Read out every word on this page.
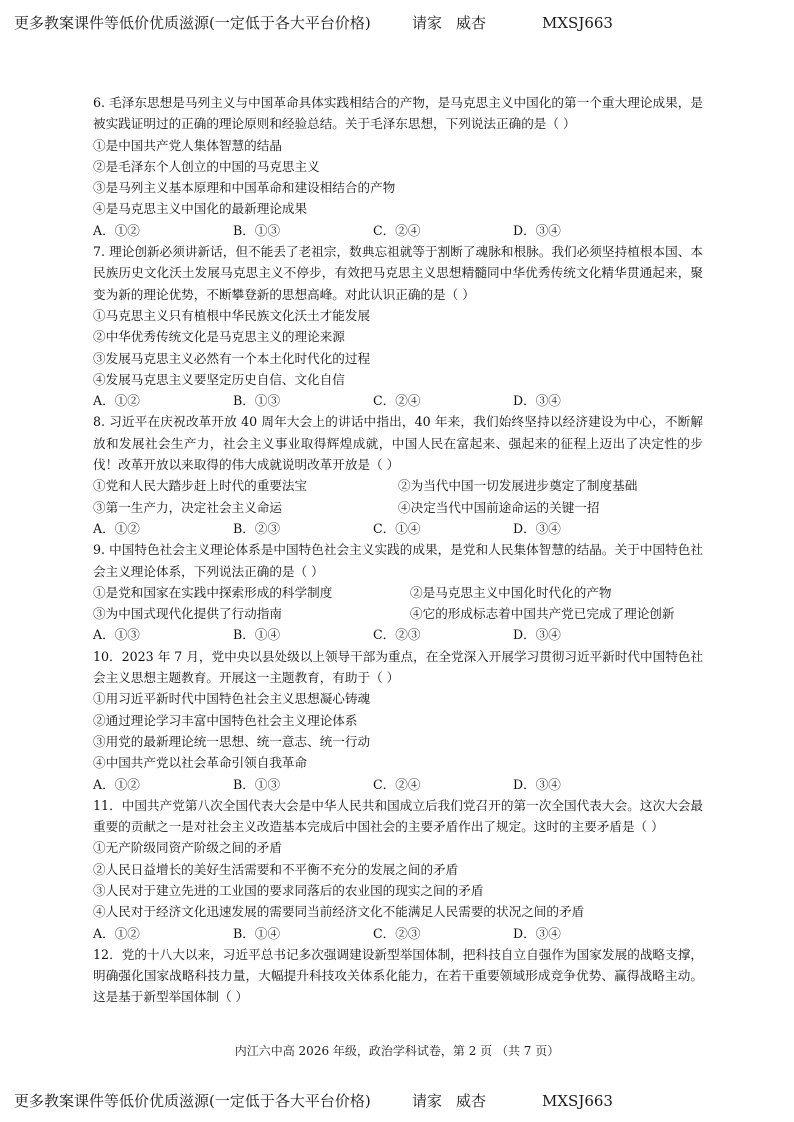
更多教案课件等低价优质滋源(一定低于各大平台价格)	请家 威杏	MXSJ663
6. 毛泽东思想是马列主义与中国革命具体实践相结合的产物，是马克思主义中国化的第一个重大理论成果，是被实践证明过的正确的理论原则和经验总结。关于毛泽东思想，下列说法正确的是（ ）
①是中国共产党人集体智慧的结晶
②是毛泽东个人创立的中国的马克思主义
③是马列主义基本原理和中国革命和建设相结合的产物
④是马克思主义中国化的最新理论成果
A．①②	B．①③	C．②④	D．③④
7. 理论创新必须讲新话，但不能丢了老祖宗，数典忘祖就等于割断了魂脉和根脉。我们必须坚持植根本国、本民族历史文化沃土发展马克思主义不停步，有效把马克思主义思想精髓同中华优秀传统文化精华贯通起来，聚变为新的理论优势，不断攀登新的思想高峰。对此认识正确的是（ ）
①马克思主义只有植根中华民族文化沃土才能发展
②中华优秀传统文化是马克思主义的理论来源
③发展马克思主义必然有一个本土化时代化的过程
④发展马克思主义要坚定历史自信、文化自信
A．①②	B．①③	C．②④	D．③④
8. 习近平在庆祝改革开放 40 周年大会上的讲话中指出，40 年来，我们始终坚持以经济建设为中心，不断解放和发展社会生产力，社会主义事业取得辉煌成就，中国人民在富起来、强起来的征程上迈出了决定性的步伐！改革开放以来取得的伟大成就说明改革开放是（ ）
①党和人民大踏步赶上时代的重要法宝	②为当代中国一切发展进步奠定了制度基础
③第一生产力，决定社会主义命运	④决定当代中国前途命运的关键一招
A．①②	B．②③	C．①④	D．③④
9. 中国特色社会主义理论体系是中国特色社会主义实践的成果，是党和人民集体智慧的结晶。关于中国特色社会主义理论体系，下列说法正确的是（ ）
①是党和国家在实践中探索形成的科学制度	②是马克思主义中国化时代化的产物
③为中国式现代化提供了行动指南	④它的形成标志着中国共产党已完成了理论创新
A．①③	B．①④	C．②③	D．③④
10．2023 年 7 月，党中央以县处级以上领导干部为重点，在全党深入开展学习贯彻习近平新时代中国特色社会主义思想主题教育。开展这一主题教育，有助于（ ）
①用习近平新时代中国特色社会主义思想凝心铸魂
②通过理论学习丰富中国特色社会主义理论体系
③用党的最新理论统一思想、统一意志、统一行动
④中国共产党以社会革命引领自我革命
A．①②	B．①③	C．②④	D．③④
11．中国共产党第八次全国代表大会是中华人民共和国成立后我们党召开的第一次全国代表大会。这次大会最重要的贡献之一是对社会主义改造基本完成后中国社会的主要矛盾作出了规定。这时的主要矛盾是（ ）
①无产阶级同资产阶级之间的矛盾
②人民日益增长的美好生活需要和不平衡不充分的发展之间的矛盾
③人民对于建立先进的工业国的要求同落后的农业国的现实之间的矛盾
④人民对于经济文化迅速发展的需要同当前经济文化不能满足人民需要的状况之间的矛盾
A．①②	B．①④	C．②③	D．③④
12．党的十八大以来，习近平总书记多次强调建设新型举国体制，把科技自立自强作为国家发展的战略支撑，明确强化国家战略科技力量，大幅提升科技攻关体系化能力，在若干重要领域形成竞争优势、赢得战略主动。这是基于新型举国体制（ ）
内江六中高 2026 年级，政治学科试卷，第 2 页 （共 7 页）
更多教案课件等低价优质滋源(一定低于各大平台价格)	请家 威杏	MXSJ663
